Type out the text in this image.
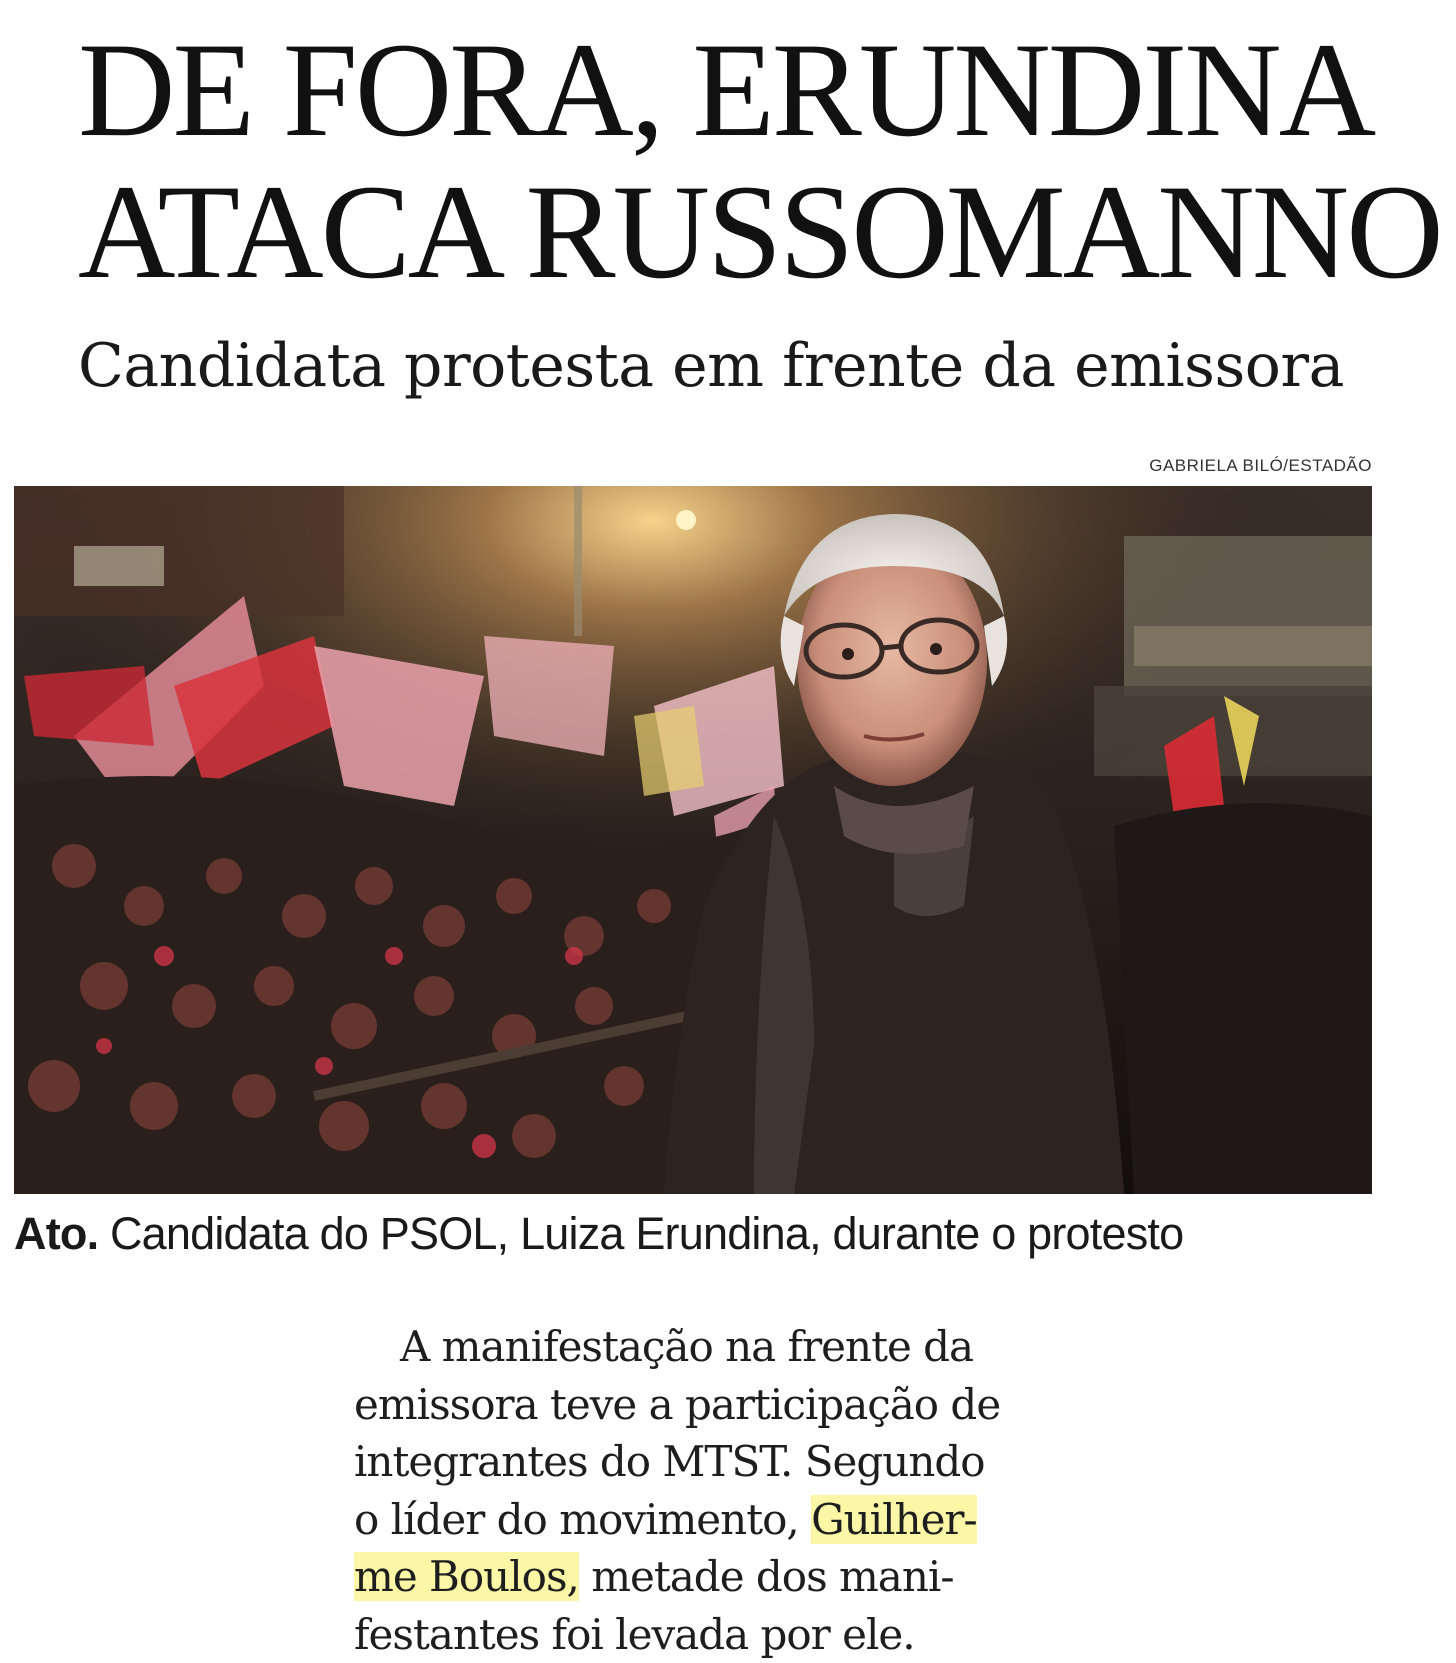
DE FORA, ERUNDINA
ATACA RUSSOMANNO
Candidata protesta em frente da emissora
GABRIELA BILÓ/ESTADÃO

Ato. Candidata do PSOL, Luiza Erundina, durante o protesto

A manifestação na frente da
emissora teve a participação de
integrantes do MTST. Segundo
o líder do movimento, Guilher-
me Boulos, metade dos mani-
festantes foi levada por ele.
